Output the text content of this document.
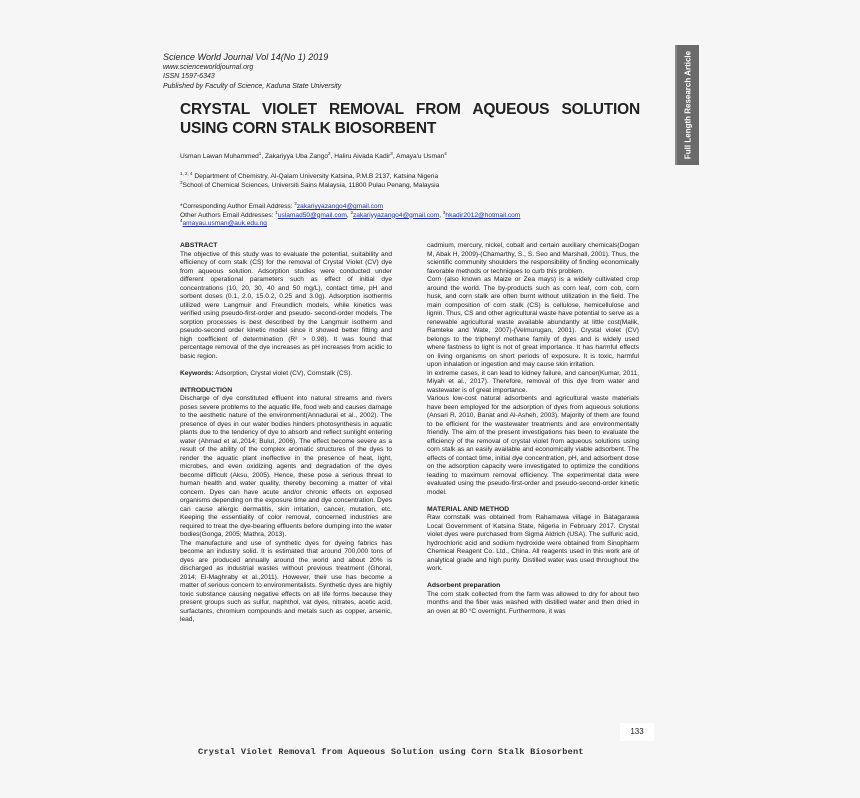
Science World Journal Vol 14(No 1) 2019
www.scienceworldjournal.org
ISSN 1597-6343
Published by Faculty of Science, Kaduna State University	Full Length Research Article
CRYSTAL VIOLET REMOVAL FROM AQUEOUS SOLUTION
USING CORN STALK BIOSORBENT
Usman Lawan Muhammed$^1$, Zakariyya Uba Zango$^2$, Haliru Aivada Kadir$^3$, Amaya'u Usman$^4$
$^{1, 2, 4}$ Department of Chemistry, Al-Qalam University Katsina, P.M.B 2137, Katsina Nigeria
$^3$School of Chemical Sciences, Universiti Sains Malaysia, 11800 Pulau Penang, Malaysia
*Corresponding Author Email Address: $^2$zakariyyazango4@gmail.com
Other Authors Email Addresses: $^1$uslamad50@gmail.com, $^2$zakariyyazango4@gmail.com, $^3$hkadir2012@hotmail.com
$^4$amayau.usman@auk.edu.ng

ABSTRACT

The objective of this study was to evaluate the potential, suitability and efficiency of corn stalk (CS) for the removal of Crystal Violet (CV) dye from aqueous solution. Adsorption studies were conducted under different operational parameters such as effect of initial dye concentrations (10, 20, 30, 40 and 50 mg/L), contact time, pH and sorbent doses (0.1, 2.0, 15.0.2, 0.25 and 3.0g). Adsorption isotherms utilized were Langmuir and Freundlich models, while kinetics was verified using pseudo-first-order and pseudo- second-order models. The sorption processes is best described by the Langmuir isotherm and pseudo-second order kinetic model since it showed better fitting and high coefficient of determination (R² > 0.98). It was found that percentage removal of the dye increases as pH increases from acidic to basic region.

Keywords: Adsorption, Crystal violet (CV), Cornstalk (CS).

INTRODUCTION

Discharge of dye constituted effluent into natural streams and rivers poses severe problems to the aquatic life, food web and causes damage to the aesthetic nature of the environment(Annadurai et al., 2002). The presence of dyes in our water bodies hinders photosynthesis in aquatic plants due to the tendency of dye to absorb and reflect sunlight entering water (Ahmad et al.,2014; Bulut, 2006). The effect become severe as a result of the ability of the complex aromatic structures of the dyes to render the aquatic plant ineffective in the presence of heat, light, microbes, and even oxidizing agents and degradation of the dyes become difficult (Aksu, 2005). Hence, these pose a serious threat to human health and water quality, thereby becoming a matter of vital concern. Dyes can have acute and/or chronic effects on exposed organisms depending on the exposure time and dye concentration. Dyes can cause allergic dermatitis, skin irritation, cancer, mutation, etc. Keeping the essentiality of color removal, concerned industries are required to treat the dye-bearing effluents before dumping into the water bodies(Gonga, 2005; Mathra, 2013).

The manufacture and use of synthetic dyes for dyeing fabrics has become an industry solid. It is estimated that around 700,000 tons of dyes are produced annually around the world and about 20% is discharged as industrial wastes without previous treatment (Ghoral, 2014; El-Maghraby et al.,2011). However, their use has become a matter of serious concern to environmentalists. Synthetic dyes are highly toxic substance causing negative effects on all life forms because they present groups such as sulfur, naphthol, vat dyes, nitrates, acetic acid, surfactants, chromium compounds and metals such as copper, arsenic, lead,

cadmium, mercury, nickel, cobalt and certain auxiliary chemicals(Dogan M, Abak H, 2009)-(Chamarthy, S., S. Seo and Marshall, 2001). Thus, the scientific community shoulders the responsibility of finding economically favorable methods or techniques to curb this problem.

Corn (also known as Maize or Zea mays) is a widely cultivated crop around the world. The by-products such as corn leaf, corn cob, corn husk, and corn stalk are often burnt without utilization in the field. The main composition of corn stalk (CS) is cellulose, hemicellulose and lignin. Thus, CS and other agricultural waste have potential to serve as a renewable agricultural waste available abundantly at little cost(Malik, Ramteke and Wate, 2007)-(Velmurugan, 2001). Crystal violet (CV) belongs to the triphenyl methane family of dyes and is widely used where fastness to light is not of great importance. It has harmful effects on living organisms on short periods of exposure. It is toxic, harmful upon inhalation or ingestion and may cause skin irritation.

In extreme cases, it can lead to kidney failure, and cancer(Kumar, 2011, Miyah et al., 2017). Therefore, removal of this dye from water and wastewater is of great importance.

Various low-cost natural adsorbents and agricultural waste materials have been employed for the adsorption of dyes from aqueous solutions (Ansari R, 2010, Banat and Al-Asheh, 2003). Majority of them are found to be efficient for the wastewater treatments and are environmentally friendly. The aim of the present investigations has been to evaluate the efficiency of the removal of crystal violet from aqueous solutions using corn stalk as an easily available and economically viable adsorbent. The effects of contact time, initial dye concentration, pH, and adsorbent dose on the adsorption capacity were investigated to optimize the conditions leading to maximum removal efficiency. The experimental data were evaluated using the pseudo-first-order and pseudo-second-order kinetic model.

MATERIAL AND METHOD

Raw cornstalk was obtained from Rahamawa village in Batagarawa Local Government of Katsina State, Nigeria in February 2017. Crystal violet dyes were purchased from Sigma Aldrich (USA). The sulfuric acid, hydrochloric acid and sodium hydroxide were obtained from Sinopharm Chemical Reagent Co. Ltd., China. All reagents used in this work are of analytical grade and high purity. Distilled water was used throughout the work.

Adsorbent preparation

The corn stalk collected from the farm was allowed to dry for about two months and the fiber was washed with distilled water and then dried in an oven at 80 °C overnight. Furthermore, it was

133
Crystal Violet Removal from Aqueous Solution using Corn Stalk Biosorbent
